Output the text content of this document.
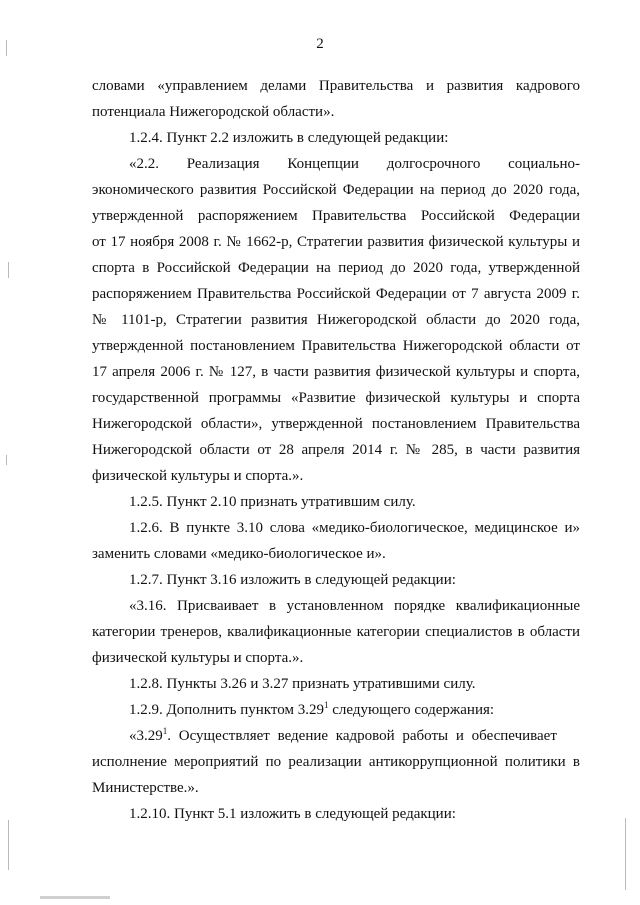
2
словами «управлением делами Правительства и развития кадрового
потенциала Нижегородской области».
1.2.4. Пункт 2.2 изложить в следующей редакции:
«2.2. Реализация Концепции долгосрочного социально-
экономического развития Российской Федерации на период до 2020 года,
утвержденной распоряжением Правительства Российской Федерации
от 17 ноября 2008 г. № 1662-р, Стратегии развития физической культуры и
спорта в Российской Федерации на период до 2020 года, утвержденной
распоряжением Правительства Российской Федерации от 7 августа 2009 г.
№ 1101-р, Стратегии развития Нижегородской области до 2020 года,
утвержденной постановлением Правительства Нижегородской области от
17 апреля 2006 г. № 127, в части развития физической культуры и спорта,
государственной программы «Развитие физической культуры и спорта
Нижегородской области», утвержденной постановлением Правительства
Нижегородской области от 28 апреля 2014 г. № 285, в части развития
физической культуры и спорта.».
1.2.5. Пункт 2.10 признать утратившим силу.
1.2.6. В пункте 3.10 слова «медико-биологическое, медицинское и»
заменить словами «медико-биологическое и».
1.2.7. Пункт 3.16 изложить в следующей редакции:
«3.16. Присваивает в установленном порядке квалификационные
категории тренеров, квалификационные категории специалистов в области
физической культуры и спорта.».
1.2.8. Пункты 3.26 и 3.27 признать утратившими силу.
1.2.9. Дополнить пунктом 3.29$^1$ следующего содержания:
«3.29$^1$. Осуществляет ведение кадровой работы и обеспечивает
исполнение мероприятий по реализации антикоррупционной политики в
Министерстве.».
1.2.10. Пункт 5.1 изложить в следующей редакции:
